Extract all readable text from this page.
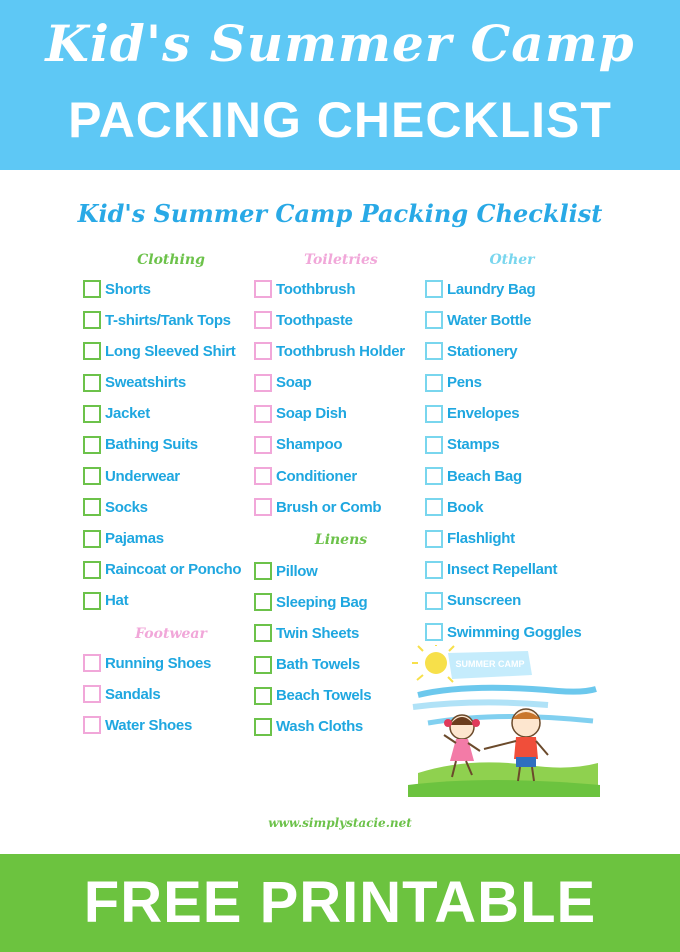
Kid's Summer Camp
PACKING CHECKLIST
Kid's Summer Camp Packing Checklist
Clothing	Toiletries	Other
Shorts
T-shirts/Tank Tops
Long Sleeved Shirt
Sweatshirts
Jacket
Bathing Suits
Underwear
Socks
Pajamas
Raincoat or Poncho
Hat
Footwear
Running Shoes
Sandals
Water Shoes
Toothbrush
Toothpaste
Toothbrush Holder
Soap
Soap Dish
Shampoo
Conditioner
Brush or Comb
Linens
Pillow
Sleeping Bag
Twin Sheets
Bath Towels
Beach Towels
Wash Cloths
Laundry Bag
Water Bottle
Stationery
Pens
Envelopes
Stamps
Beach Bag
Book
Flashlight
Insect Repellant
Sunscreen
Swimming Goggles
SUMMER CAMP
www.simplystacie.net
FREE PRINTABLE
